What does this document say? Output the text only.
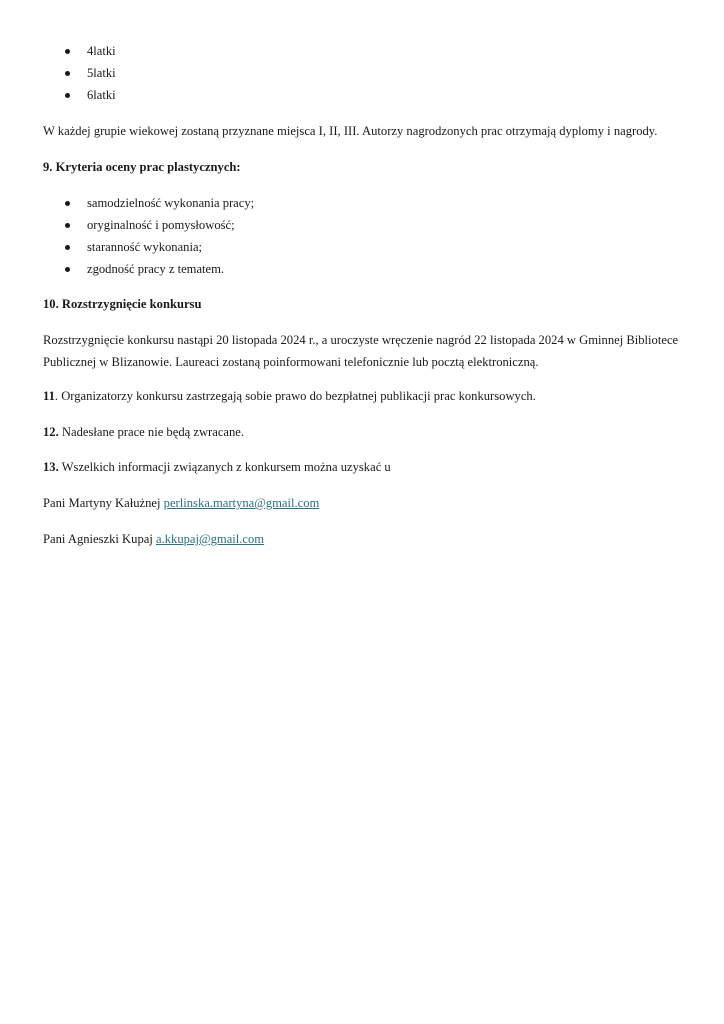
4latki
5latki
6latki
W każdej grupie wiekowej zostaną przyznane miejsca I, II, III. Autorzy nagrodzonych prac otrzymają dyplomy i nagrody.
9. Kryteria oceny prac plastycznych:
samodzielność wykonania pracy;
oryginalność i pomysłowość;
staranność wykonania;
zgodność pracy z tematem.
10. Rozstrzygnięcie konkursu
Rozstrzygnięcie konkursu nastąpi 20 listopada 2024 r., a uroczyste wręczenie nagród 22 listopada 2024 w Gminnej Bibliotece
Publicznej w Blizanowie. Laureaci zostaną poinformowani telefonicznie lub pocztą elektroniczną.
11. Organizatorzy konkursu zastrzegają sobie prawo do bezpłatnej publikacji prac konkursowych.
12. Nadesłane prace nie będą zwracane.
13. Wszelkich informacji związanych z konkursem można uzyskać u
Pani Martyny Kałużnej perlinska.martyna@gmail.com
Pani Agnieszki Kupaj a.kkupaj@gmail.com
